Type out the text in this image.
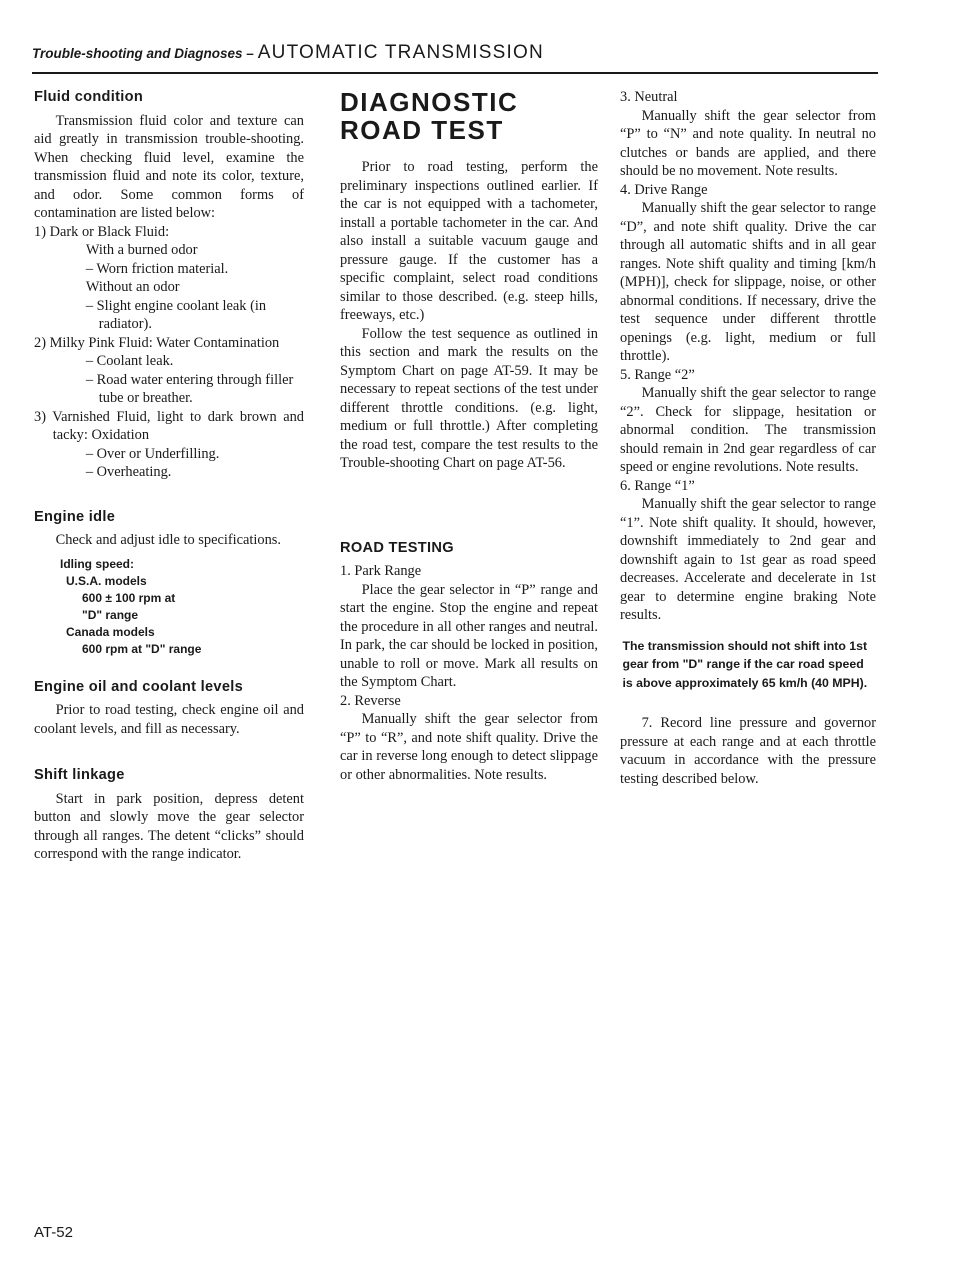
Trouble-shooting and Diagnoses – AUTOMATIC TRANSMISSION
Fluid condition

Transmission fluid color and texture can aid greatly in transmission trouble-shooting. When checking fluid level, examine the transmission fluid and note its color, texture, and odor. Some common forms of contamination are listed below:

1) Dark or Black Fluid:

With a burned odor

– Worn friction material.

Without an odor

– Slight engine coolant leak (in radiator).

2) Milky Pink Fluid: Water Contamination

– Coolant leak.

– Road water entering through filler tube or breather.

3) Varnished Fluid, light to dark brown and tacky: Oxidation

– Over or Underfilling.

– Overheating.

Engine idle

Check and adjust idle to specifications.

Idling speed:
U.S.A. models
600 ± 100 rpm at
"D" range
Canada models
600 rpm at "D" range
Engine oil and coolant levels

Prior to road testing, check engine oil and coolant levels, and fill as necessary.

Shift linkage

Start in park position, depress detent button and slowly move the gear selector through all ranges. The detent “clicks” should correspond with the range indicator.

DIAGNOSTIC ROAD TEST

Prior to road testing, perform the preliminary inspections outlined earlier. If the car is not equipped with a tachometer, install a portable tachometer in the car. And also install a suitable vacuum gauge and pressure gauge. If the customer has a specific complaint, select road conditions similar to those described. (e.g. steep hills, freeways, etc.)

Follow the test sequence as outlined in this section and mark the results on the Symptom Chart on page AT-59. It may be necessary to repeat sections of the test under different throttle conditions. (e.g. light, medium or full throttle.) After completing the road test, compare the test results to the Trouble-shooting Chart on page AT-56.

ROAD TESTING

1. Park Range

Place the gear selector in “P” range and start the engine. Stop the engine and repeat the procedure in all other ranges and neutral. In park, the car should be locked in position, unable to roll or move. Mark all results on the Symptom Chart.

2. Reverse

Manually shift the gear selector from “P” to “R”, and note shift quality. Drive the car in reverse long enough to detect slippage or other abnormalities. Note results.

3. Neutral

Manually shift the gear selector from “P” to “N” and note quality. In neutral no clutches or bands are applied, and there should be no movement. Note results.

4. Drive Range

Manually shift the gear selector to range “D”, and note shift quality. Drive the car through all automatic shifts and in all gear ranges. Note shift quality and timing [km/h (MPH)], check for slippage, noise, or other abnormal conditions. If necessary, drive the test sequence under different throttle openings (e.g. light, medium or full throttle).

5. Range “2”

Manually shift the gear selector to range “2”. Check for slippage, hesitation or abnormal condition. The transmission should remain in 2nd gear regardless of car speed or engine revolutions. Note results.

6. Range “1”

Manually shift the gear selector to range “1”. Note shift quality. It should, however, downshift immediately to 2nd gear and downshift again to 1st gear as road speed decreases. Accelerate and decelerate in 1st gear to determine engine braking Note results.

The transmission should not shift into 1st gear from "D" range if the car road speed is above approximately 65 km/h (40 MPH).

7. Record line pressure and governor pressure at each range and at each throttle vacuum in accordance with the pressure testing described below.

AT-52
